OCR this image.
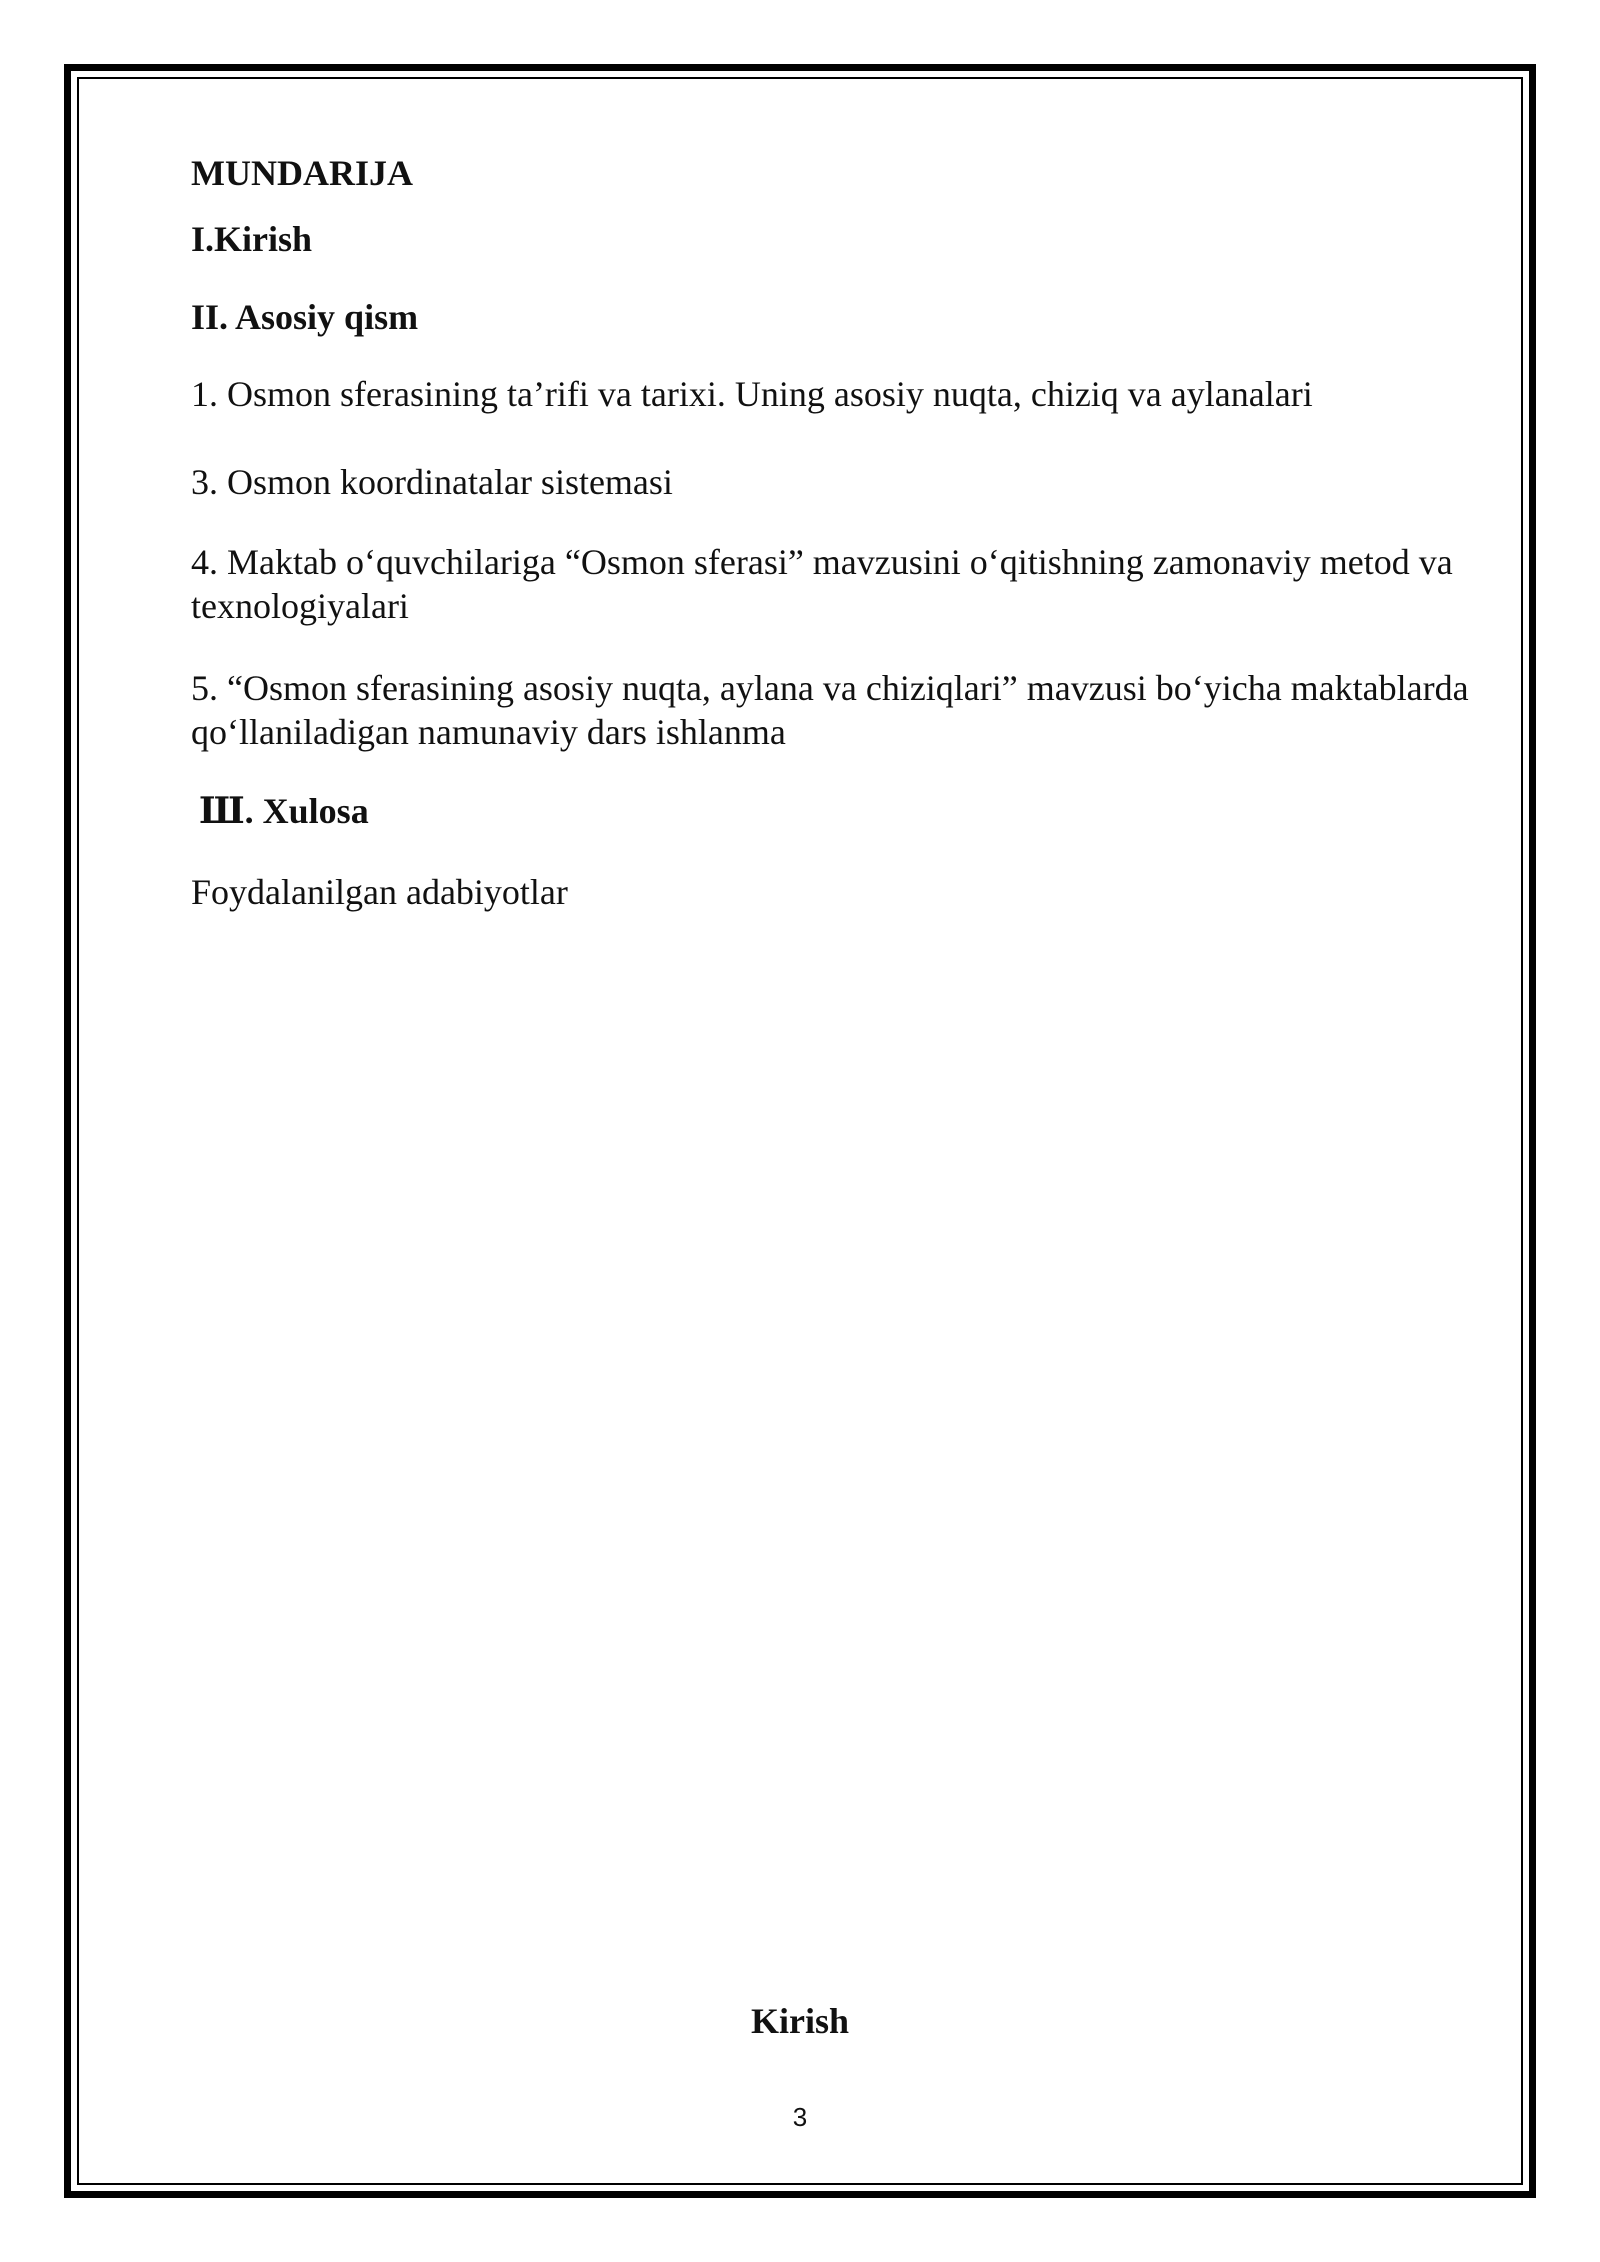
MUNDARIJA
I.Kirish
II. Asosiy qism

1. Osmon sferasining ta’rifi va tarixi. Uning asosiy nuqta, chiziq va aylanalari

3. Osmon koordinatalar sistemasi

4. Maktab o‘quvchilariga “Osmon sferasi” mavzusini o‘qitishning zamonaviy metod va texnologiyalari

5. “Osmon sferasining asosiy nuqta, aylana va chiziqlari” mavzusi bo‘yicha maktablarda qo‘llaniladigan namunaviy dars ishlanma

Ш. Xulosa

Foydalanilgan adabiyotlar

Kirish
3
